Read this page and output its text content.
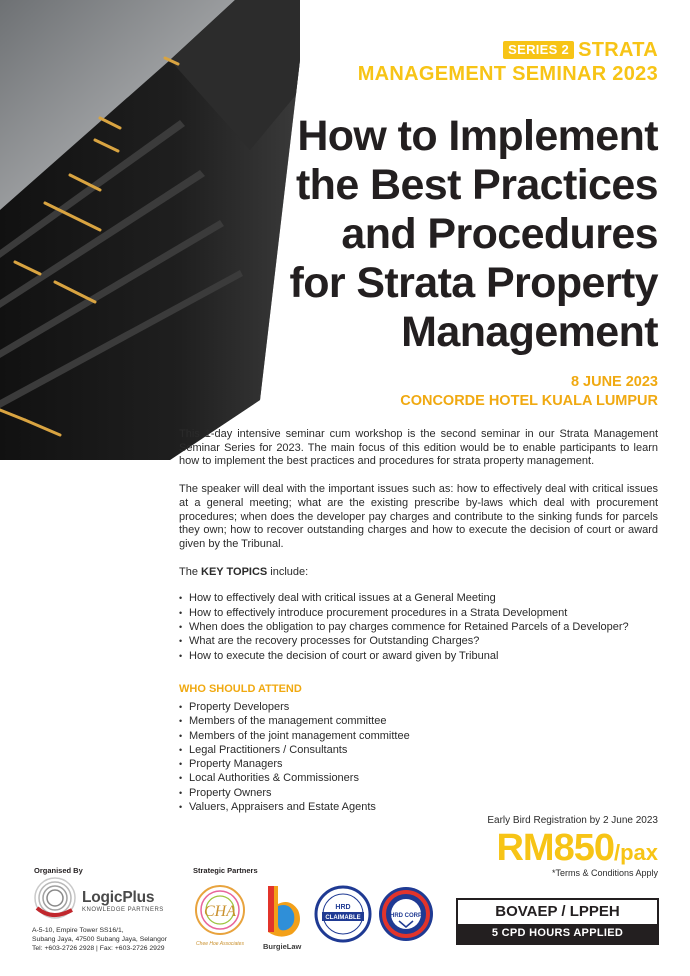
SERIES 2 STRATA
MANAGEMENT SEMINAR 2023
How to Implement
the Best Practices
and Procedures
for Strata Property
Management
8 JUNE 2023
CONCORDE HOTEL KUALA LUMPUR

This 1-day intensive seminar cum workshop is the second seminar in our Strata Management Seminar Series for 2023. The main focus of this edition would be to enable participants to learn how to implement the best practices and procedures for strata property management.

The speaker will deal with the important issues such as: how to effectively deal with critical issues at a general meeting; what are the existing prescribe by-laws which deal with procurement procedures; when does the developer pay charges and contribute to the sinking funds for parcels they own; how to recover outstanding charges and how to execute the decision of court or award given by the Tribunal.

The KEY TOPICS include:
• How to effectively deal with critical issues at a General Meeting
• How to effectively introduce procurement procedures in a Strata Development
• When does the obligation to pay charges commence for Retained Parcels of a Developer?
• What are the recovery processes for Outstanding Charges?
• How to execute the decision of court or award given by Tribunal
WHO SHOULD ATTEND
• Property Developers
• Members of the management committee
• Members of the joint management committee
• Legal Practitioners / Consultants
• Property Managers
• Local Authorities & Commissioners
• Property Owners
• Valuers, Appraisers and Estate Agents
Early Bird Registration by 2 June 2023
RM850/pax
*Terms & Conditions Apply
BOVAEP / LPPEH
5 CPD HOURS APPLIED
Organised By
LogicPlus
KNOWLEDGE PARTNERS
A-5-10, Empire Tower SS16/1,
Subang Jaya, 47500 Subang Jaya, Selangor
Tel: +603-2726 2928 | Fax: +603-2726 2929
Strategic Partners
CHA
Chee Hoe Associates	BurgieLaw
CLAIMABLE
HRD
HRD CORP
